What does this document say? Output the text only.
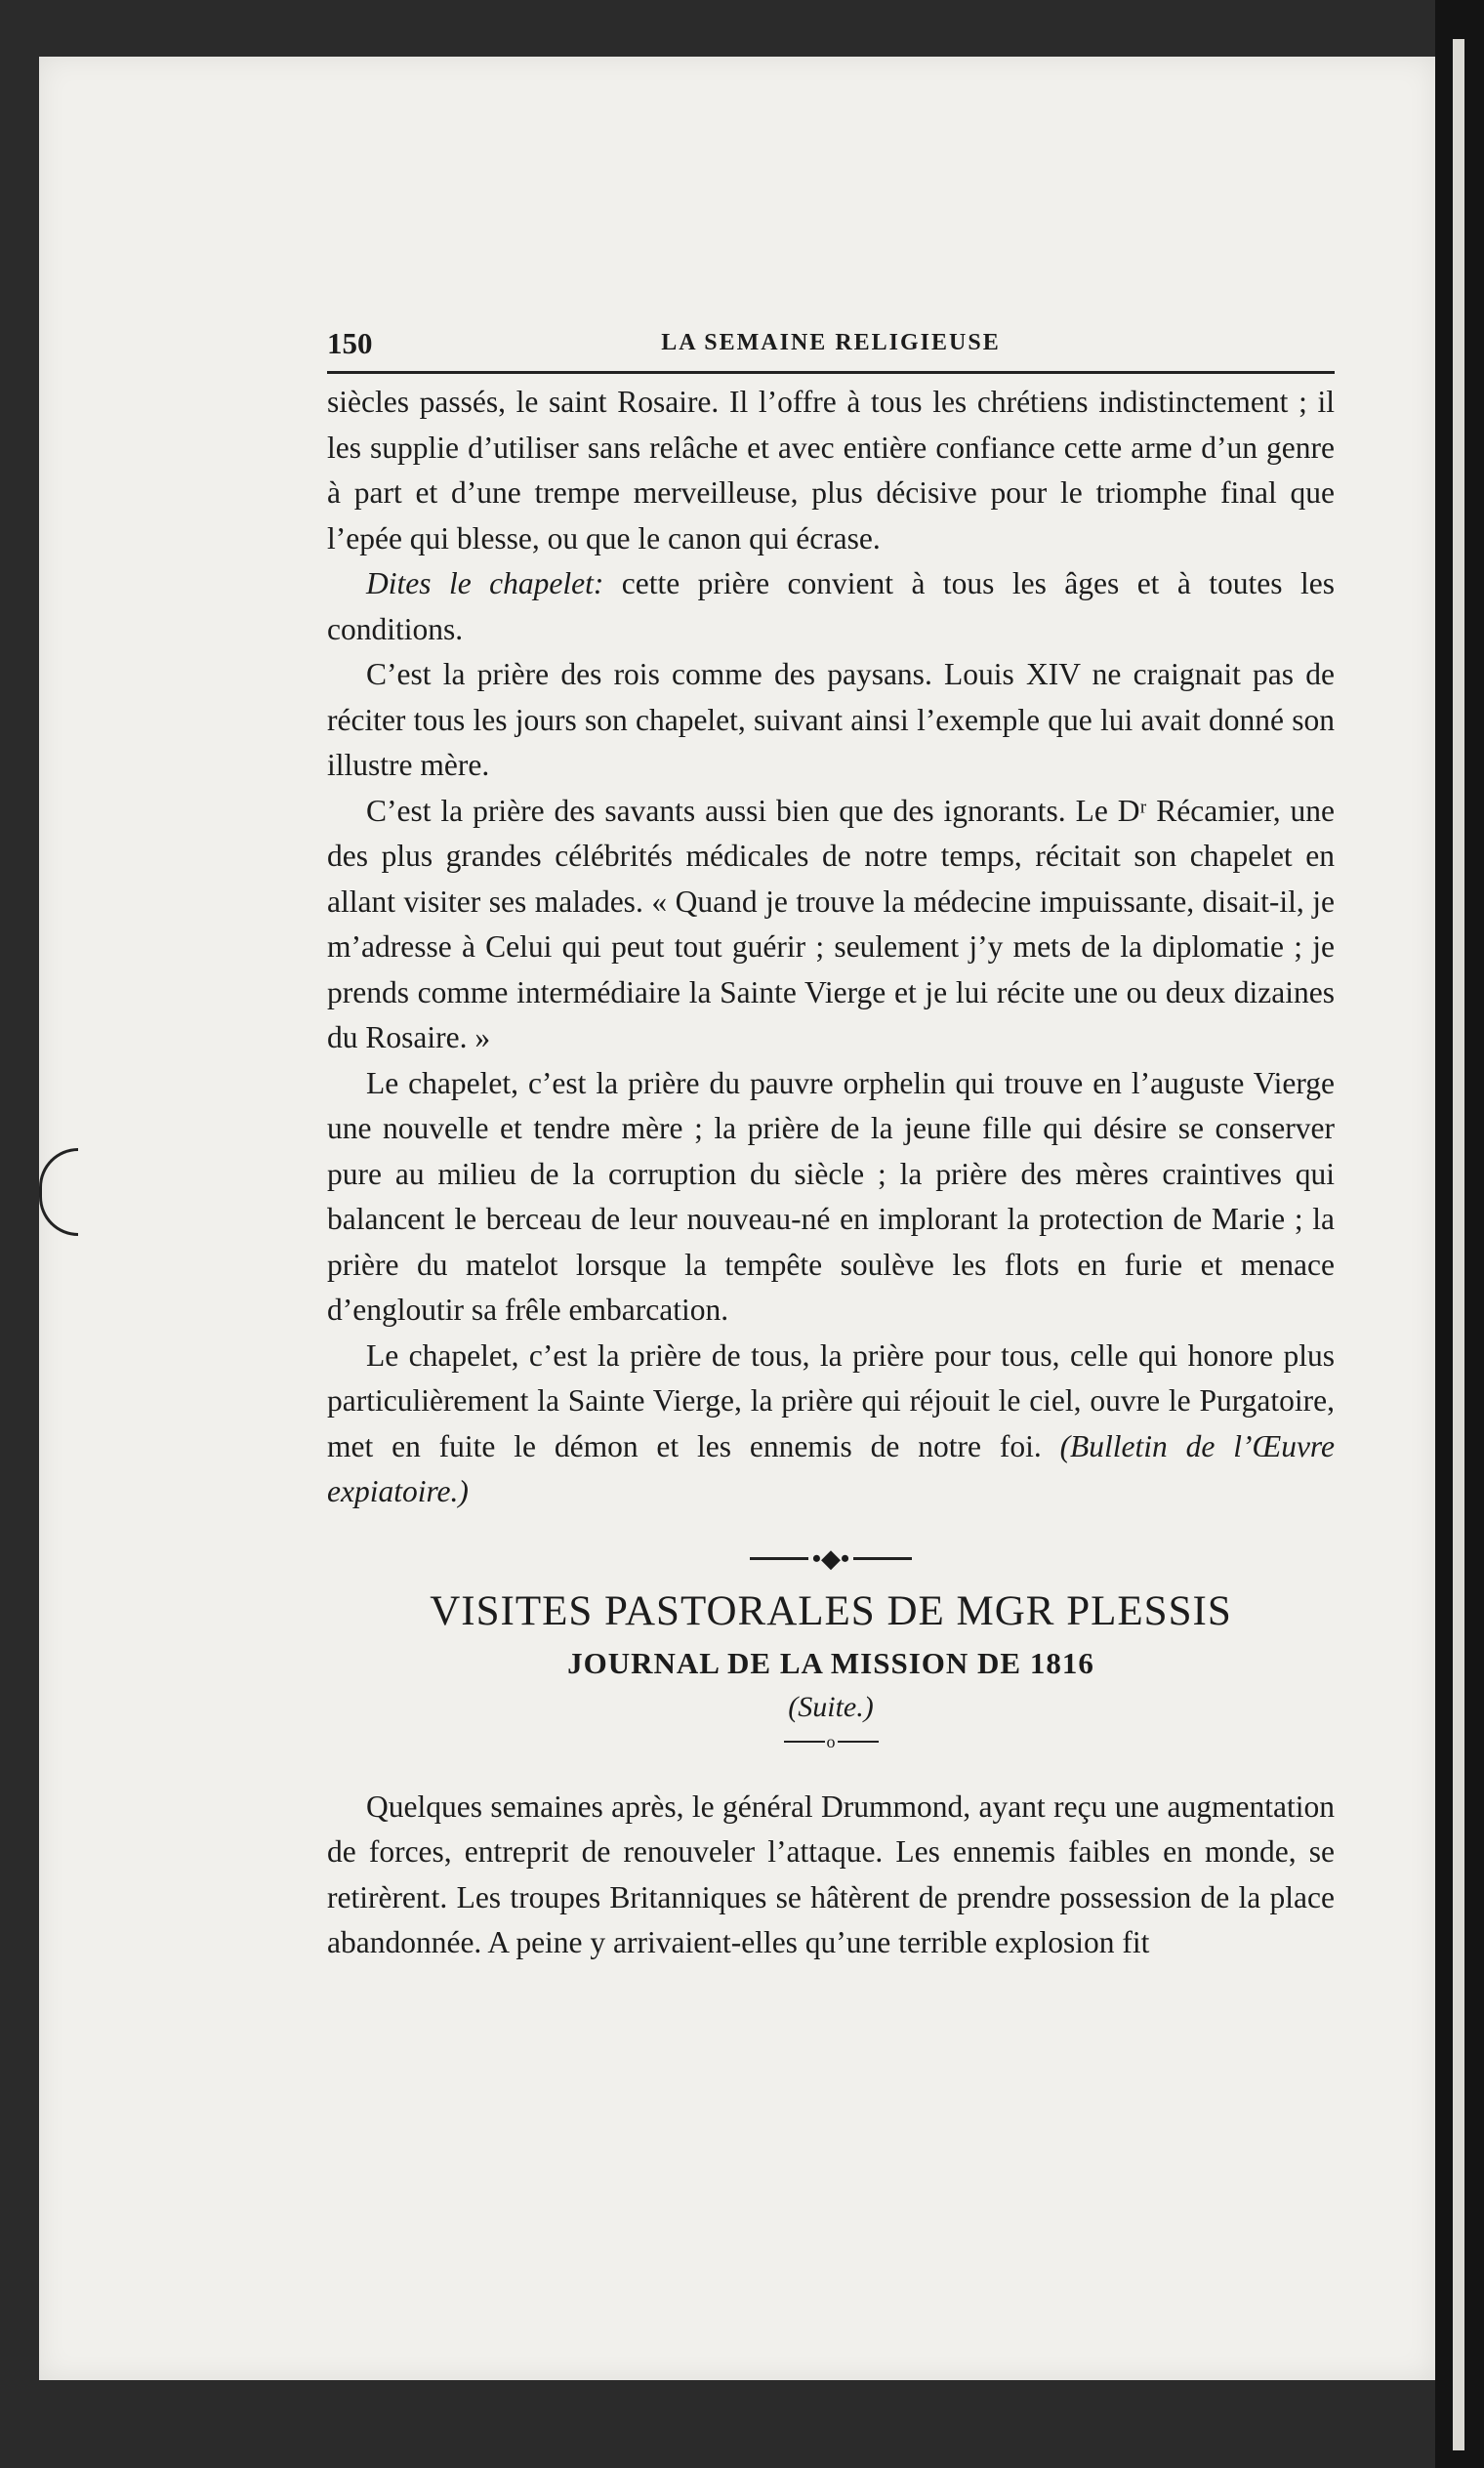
150	LA SEMAINE RELIGIEUSE

siècles passés, le saint Rosaire. Il l’offre à tous les chrétiens indistinctement ; il les supplie d’utiliser sans relâche et avec entière confiance cette arme d’un genre à part et d’une trempe merveilleuse, plus décisive pour le triomphe final que l’epée qui blesse, ou que le canon qui écrase.

Dites le chapelet: cette prière convient à tous les âges et à toutes les conditions.

C’est la prière des rois comme des paysans. Louis XIV ne craignait pas de réciter tous les jours son chapelet, suivant ainsi l’exemple que lui avait donné son illustre mère.

C’est la prière des savants aussi bien que des ignorants. Le Dʳ Récamier, une des plus grandes célébrités médicales de notre temps, récitait son chapelet en allant visiter ses malades. « Quand je trouve la médecine impuissante, disait-il, je m’adresse à Celui qui peut tout guérir ; seulement j’y mets de la diplomatie ; je prends comme intermédiaire la Sainte Vierge et je lui récite une ou deux dizaines du Rosaire. »

Le chapelet, c’est la prière du pauvre orphelin qui trouve en l’auguste Vierge une nouvelle et tendre mère ; la prière de la jeune fille qui désire se conserver pure au milieu de la corruption du siècle ; la prière des mères craintives qui balancent le berceau de leur nouveau-né en implorant la protection de Marie ; la prière du matelot lorsque la tempête soulève les flots en furie et menace d’engloutir sa frêle embarcation.

Le chapelet, c’est la prière de tous, la prière pour tous, celle qui honore plus particulièrement la Sainte Vierge, la prière qui réjouit le ciel, ouvre le Purgatoire, met en fuite le démon et les ennemis de notre foi. (Bulletin de l’Œuvre expiatoire.)

•◆•
VISITES PASTORALES DE MGR PLESSIS
JOURNAL DE LA MISSION DE 1816
(Suite.)
o

Quelques semaines après, le général Drummond, ayant reçu une augmentation de forces, entreprit de renouveler l’attaque. Les ennemis faibles en monde, se retirèrent. Les troupes Britanniques se hâtèrent de prendre possession de la place abandonnée. A peine y arrivaient-elles qu’une terrible explosion fit
